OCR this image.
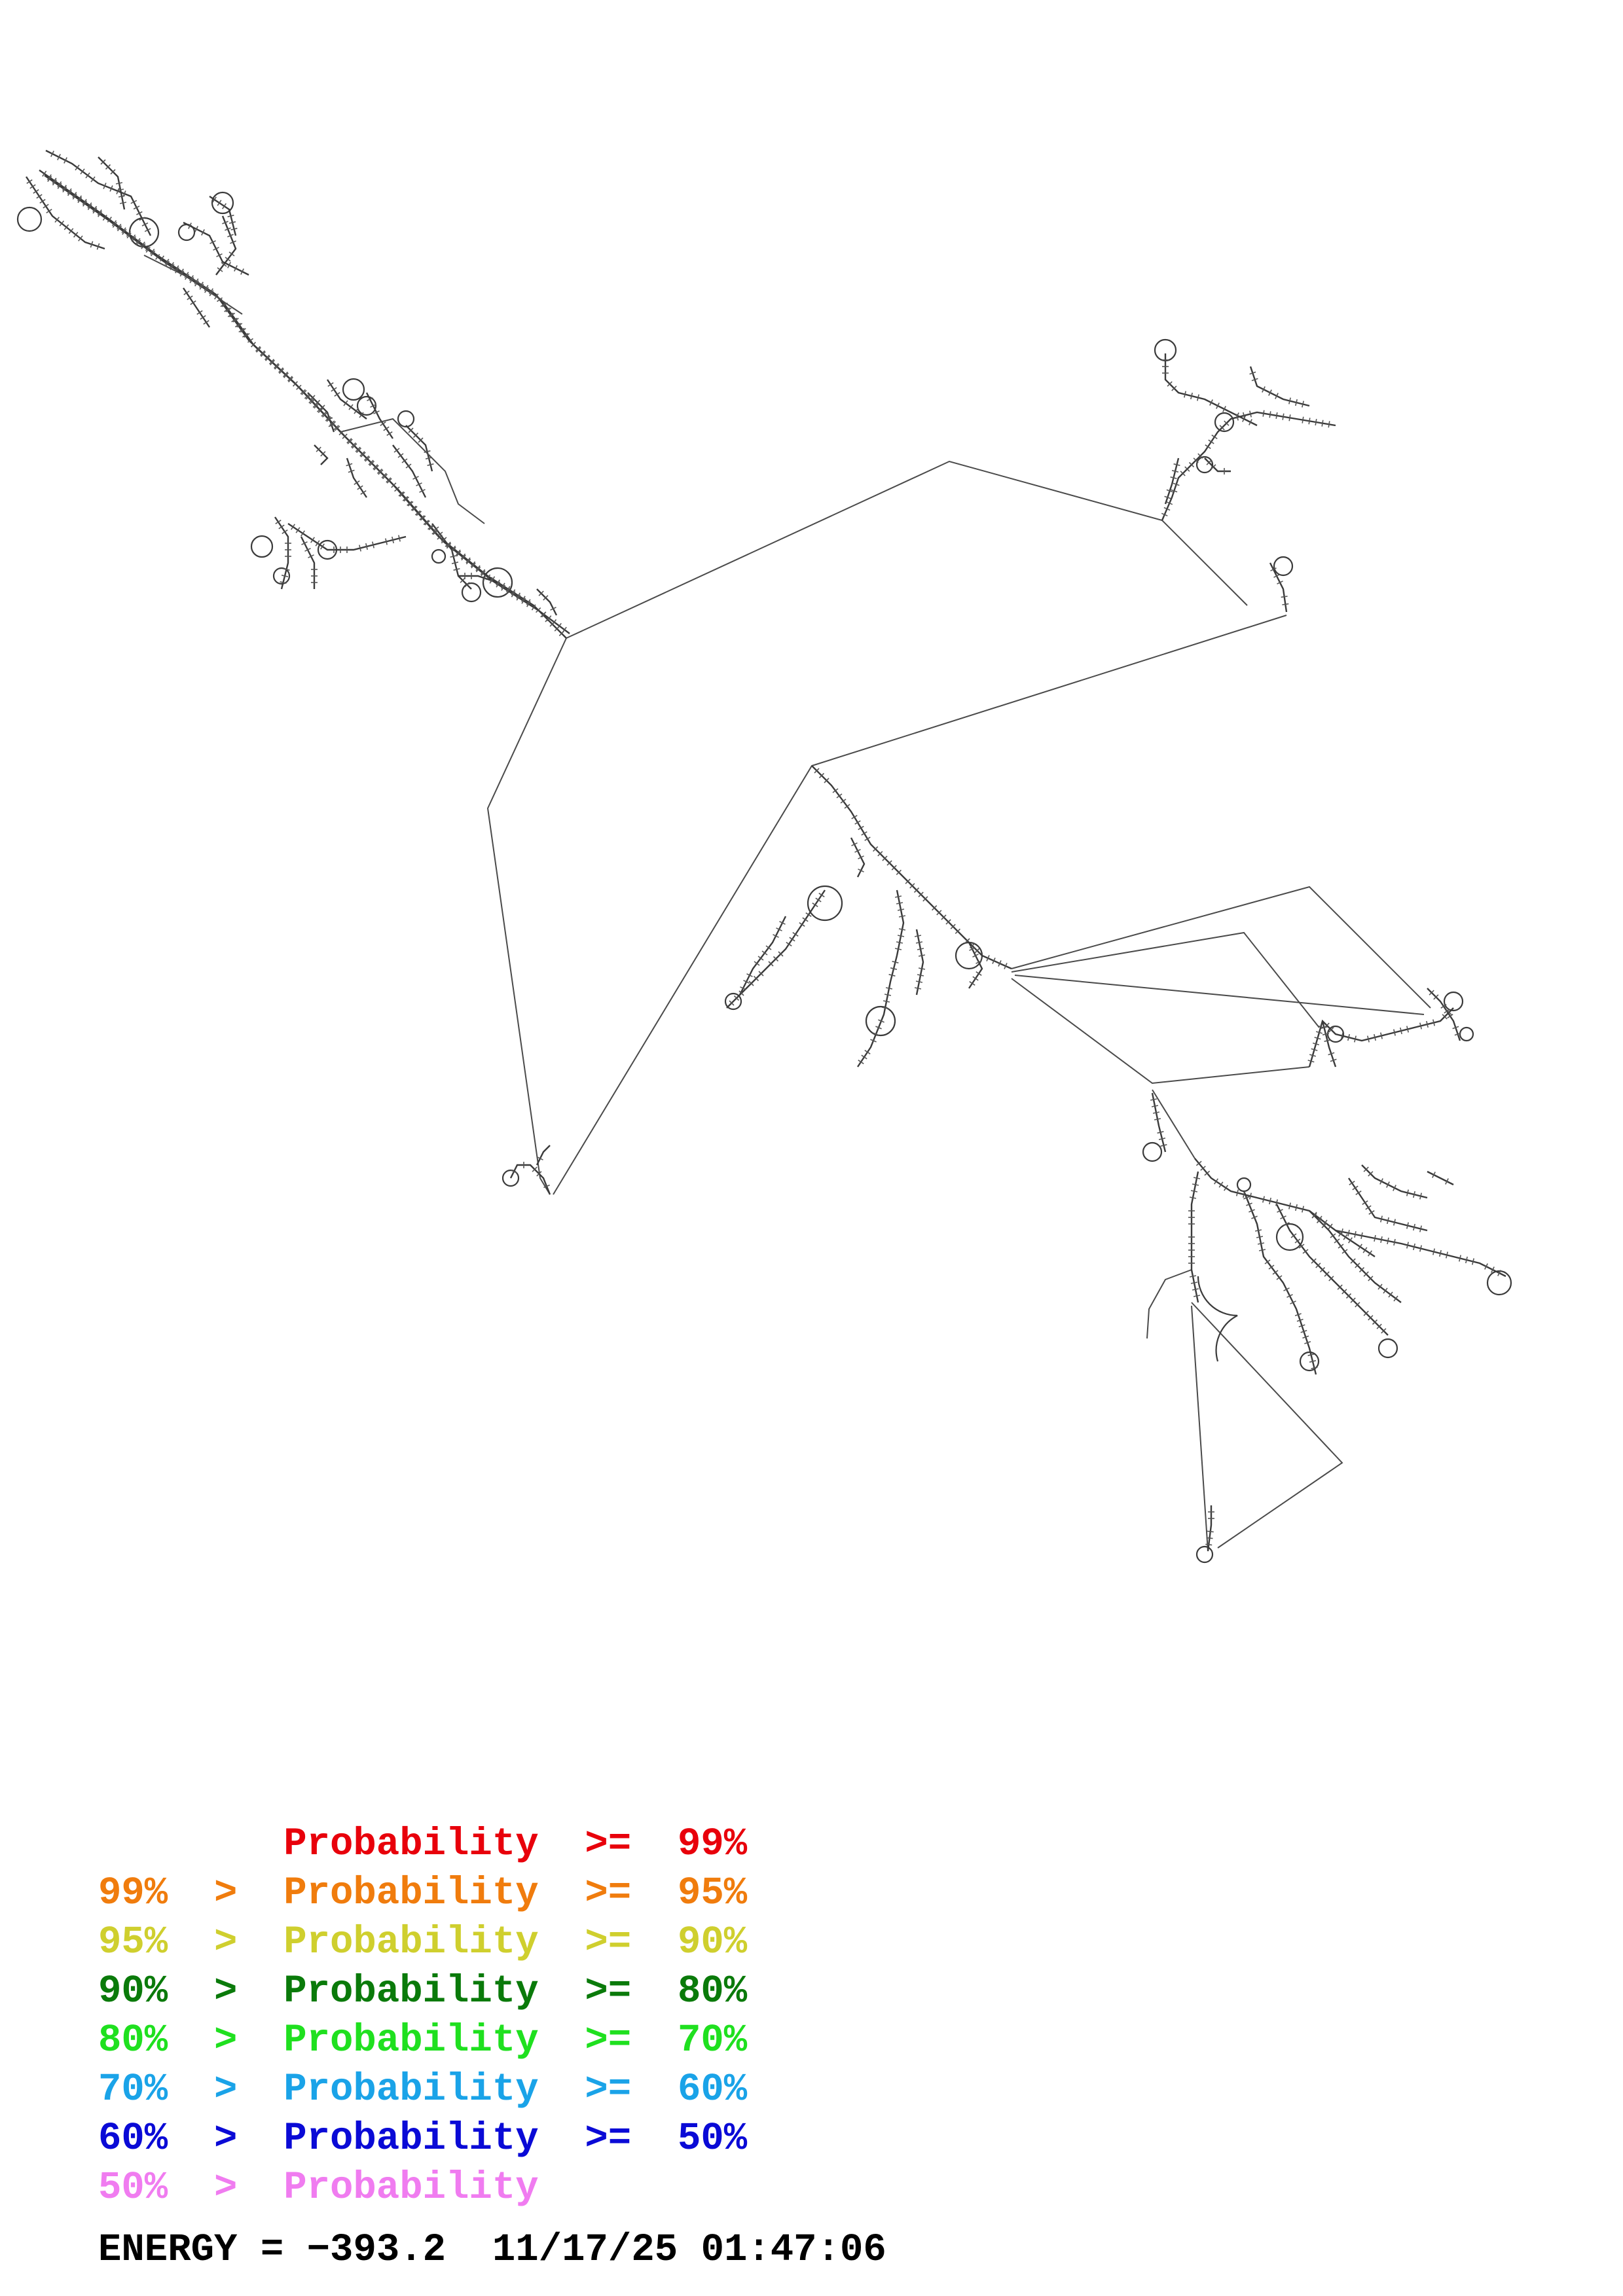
Probability >= 99%
99% > Probability >= 95%
95% > Probability >= 90%
90% > Probability >= 80%
80% > Probability >= 70%
70% > Probability >= 60%
60% > Probability >= 50%
50% > Probability
ENERGY = −393.2 11/17/25 01:47:06
